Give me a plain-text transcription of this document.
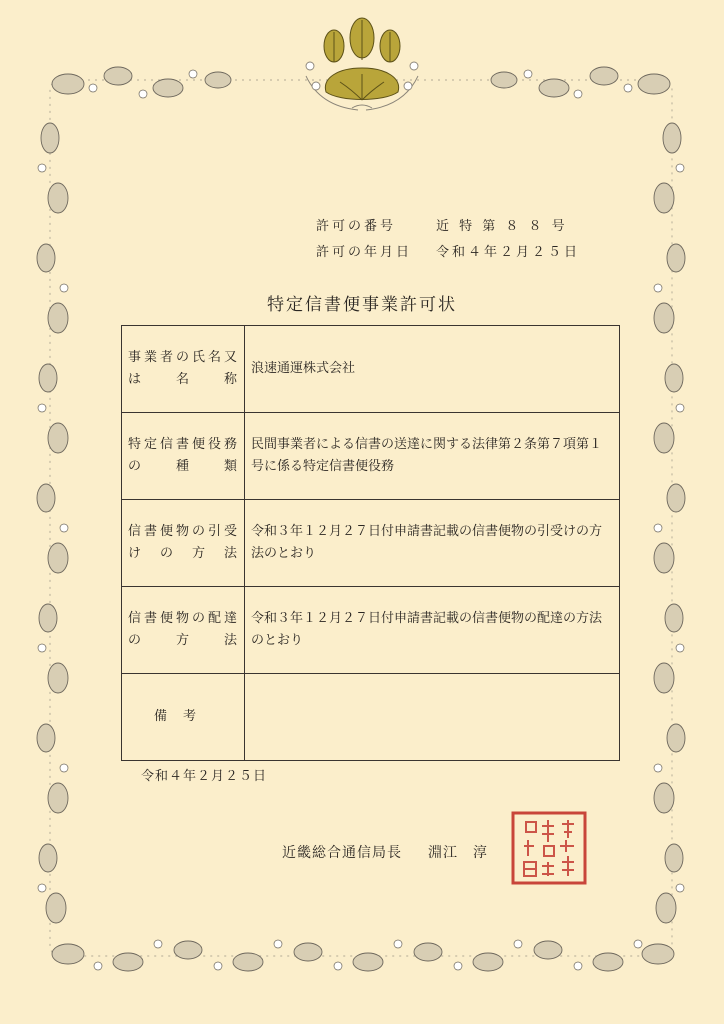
許可の番号	近 特 第 ８ ８ 号
許可の年月日	令和４年２月２５日
特定信書便事業許可状
事業者の氏名又は名称	浪速通運株式会社
特定信書便役務の種類	民間事業者による信書の送達に関する法律第２条第７項第１号に係る特定信書便役務
信書便物の引受けの方法	令和３年１２月２７日付申請書記載の信書便物の引受けの方法のとおり
信書便物の配達の方法	令和３年１２月２７日付申請書記載の信書便物の配達の方法のとおり
備考	
令和４年２月２５日
近畿総合通信局長 淵江　淳
